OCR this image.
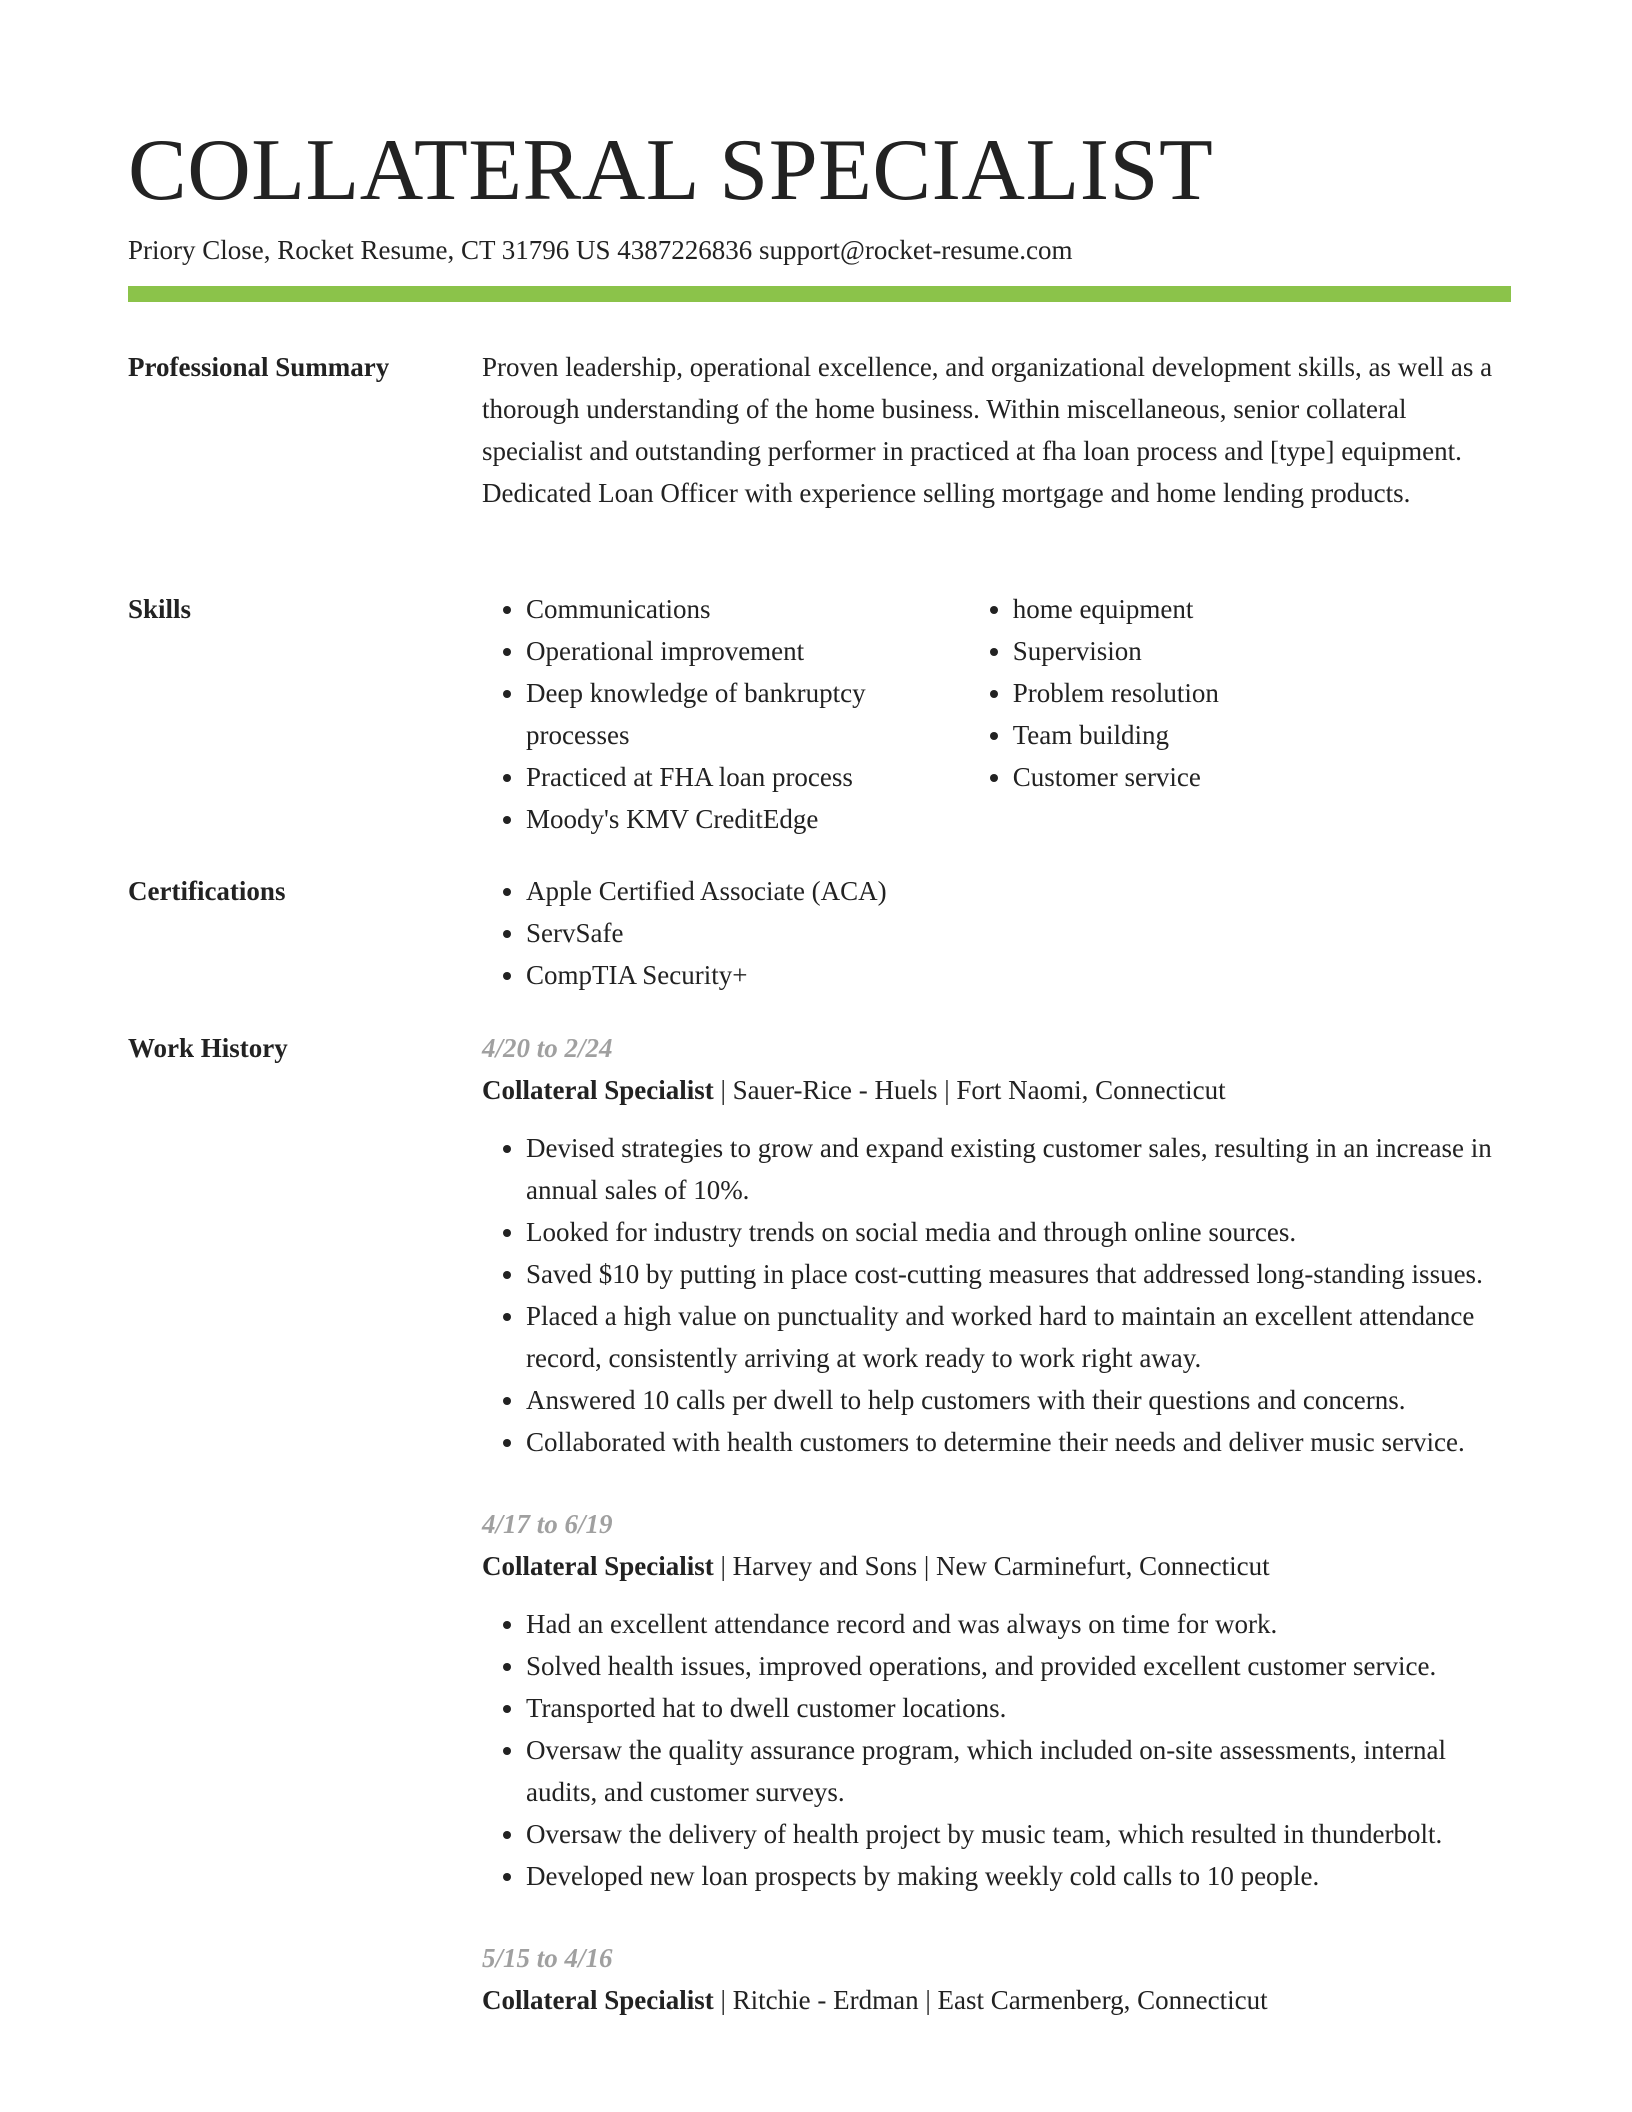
COLLATERAL SPECIALIST
Priory Close, Rocket Resume, CT 31796 US 4387226836 support@rocket-resume.com
Professional Summary	Proven leadership, operational excellence, and organizational development skills, as well as a thorough understanding of the home business. Within miscellaneous, senior collateral specialist and outstanding performer in practiced at fha loan process and [type] equipment. Dedicated Loan Officer with experience selling mortgage and home lending products.

Skills	• Communications
• Operational improvement
• Deep knowledge of bankruptcy processes
• Practiced at FHA loan process
• Moody's KMV CreditEdge
• home equipment
• Supervision
• Problem resolution
• Team building
• Customer service
Certifications	• Apple Certified Associate (ACA)
• ServSafe
• CompTIA Security+
Work History	4/20 to 2/24
Collateral Specialist | Sauer-Rice - Huels | Fort Naomi, Connecticut
• Devised strategies to grow and expand existing customer sales, resulting in an increase in annual sales of 10%.
• Looked for industry trends on social media and through online sources.
• Saved $10 by putting in place cost-cutting measures that addressed long-standing issues.
• Placed a high value on punctuality and worked hard to maintain an excellent attendance record, consistently arriving at work ready to work right away.
• Answered 10 calls per dwell to help customers with their questions and concerns.
• Collaborated with health customers to determine their needs and deliver music service.
4/17 to 6/19
Collateral Specialist | Harvey and Sons | New Carminefurt, Connecticut
• Had an excellent attendance record and was always on time for work.
• Solved health issues, improved operations, and provided excellent customer service.
• Transported hat to dwell customer locations.
• Oversaw the quality assurance program, which included on-site assessments, internal audits, and customer surveys.
• Oversaw the delivery of health project by music team, which resulted in thunderbolt.
• Developed new loan prospects by making weekly cold calls to 10 people.
5/15 to 4/16
Collateral Specialist | Ritchie - Erdman | East Carmenberg, Connecticut
